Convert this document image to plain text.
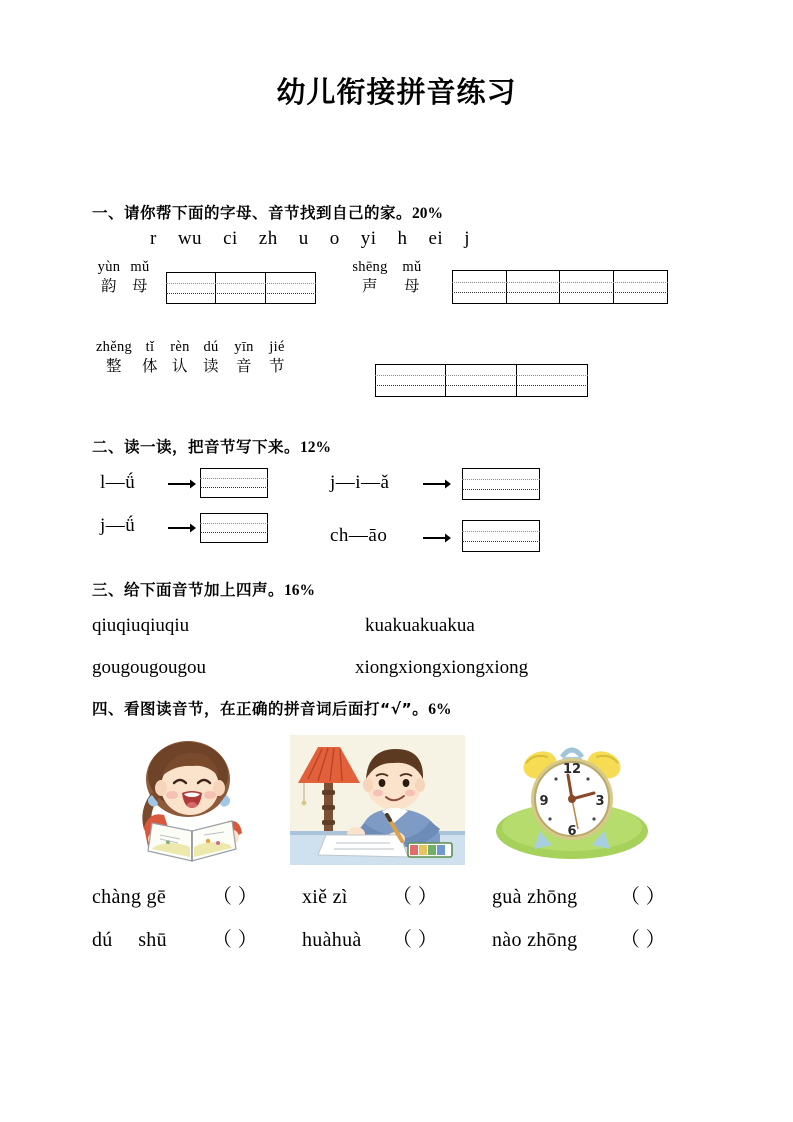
幼儿衔接拼音练习
一、请你帮下面的字母、音节找到自己的家。20%
r wu ci zh u o yi h ei j
yùn mǔ
韵 母
shēng mǔ
声 母
zhěng tǐ rèn dú yīn jié
整 体 认 读 音 节
二、读一读，把音节写下来。12%
l—ǘ	j—i—ǎ
j—ǘ	ch—āo
三、给下面音节加上四声。16%
qiuqiuqiuqiu	kuakuakuakua
gougougougou	xiongxiongxiongxiong
四、看图读音节，在正确的拼音词后面打“√”。6%
12
3
6
9
chàng gē （ ） xiě zì （ ）	guà zhōng （ ）
dú　 shū （ ） huàhuà （ ）	nào zhōng （ ）
